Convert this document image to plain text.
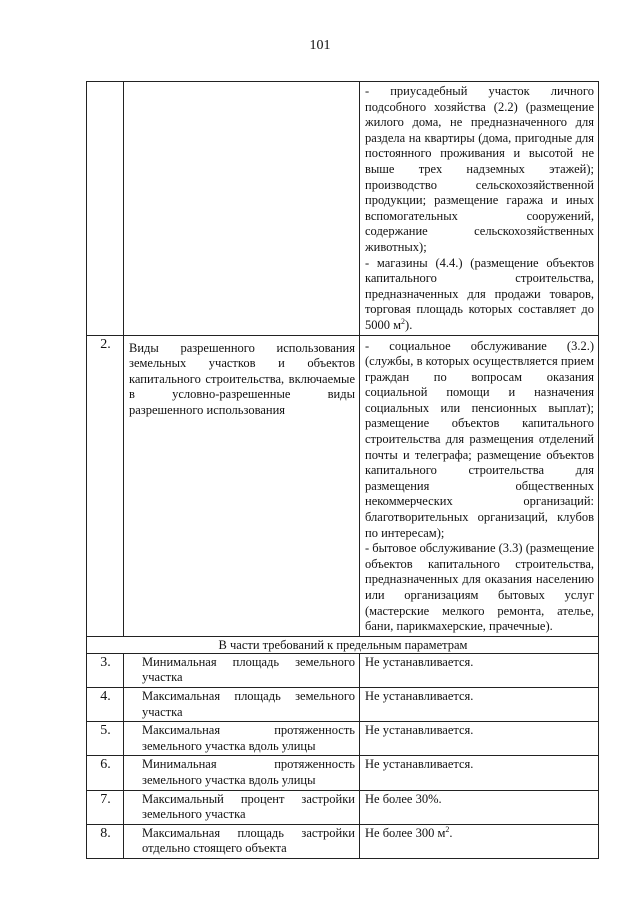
101

		- приусадебный участок личного подсобного хозяйства (2.2) (размещение жилого дома, не предназначенного для раздела на квартиры (дома, пригодные для постоянного проживания и высотой не выше трех надземных этажей); производство сельскохозяйственной продукции; размещение гаража и иных вспомогательных сооружений, содержание сельскохозяйственных животных);
- магазины (4.4.) (размещение объектов капитального строительства, предназначенных для продажи товаров, торговая площадь которых составляет до 5000 $м^2$).

2.	Виды разрешенного использования земельных участков и объектов капитального строительства, включаемые в условно-разрешенные виды разрешенного использования	- социальное обслуживание (3.2.) (службы, в которых осуществляется прием граждан по вопросам оказания социальной помощи и назначения социальных или пенсионных выплат); размещение объектов капитального строительства для размещения отделений почты и телеграфа; размещение объектов капитального строительства для размещения общественных некоммерческих организаций: благотворительных организаций, клубов по интересам);
- бытовое обслуживание (3.3) (размещение объектов капитального строительства, предназначенных для оказания населению или организациям бытовых услуг (мастерские мелкого ремонта, ателье, бани, парикмахерские, прачечные).

В части требований к предельным параметрам		
3.	Минимальная площадь земельного участка	Не устанавливается.
4.	Максимальная площадь земельного участка	Не устанавливается.
5.	Максимальная протяженность земельного участка вдоль улицы	Не устанавливается.
6.	Минимальная протяженность земельного участка вдоль улицы	Не устанавливается.
7.	Максимальный процент застройки земельного участка	Не более 30%.
8.	Максимальная площадь застройки отдельно стоящего объекта	Не более 300 $м^2$.
